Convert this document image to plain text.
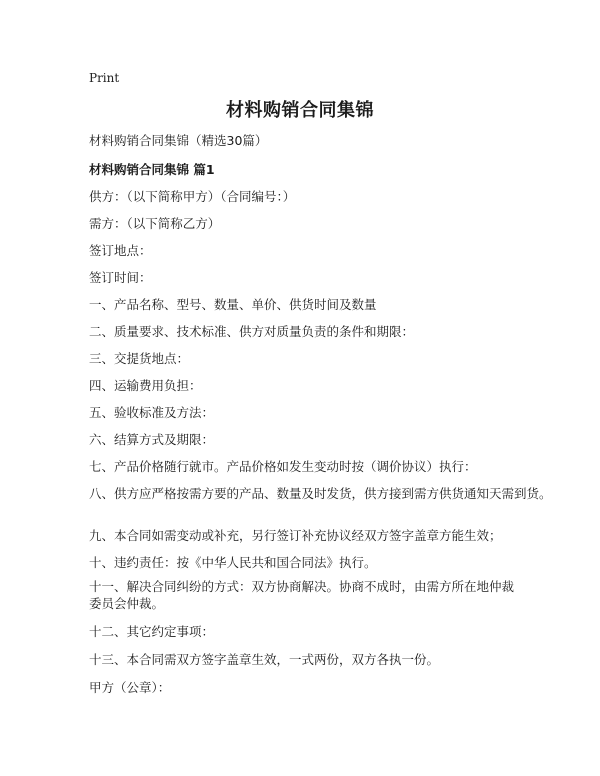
Print
材料购销合同集锦
材料购销合同集锦（精选30篇）
材料购销合同集锦 篇1
供方：（以下简称甲方）（合同编号：）
需方：（以下简称乙方）
签订地点：
签订时间：
一、产品名称、型号、数量、单价、供货时间及数量
二、质量要求、技术标准、供方对质量负责的条件和期限：
三、交提货地点：
四、运输费用负担：
五、验收标准及方法：
六、结算方式及期限：
七、产品价格随行就市。产品价格如发生变动时按（调价协议）执行：
八、供方应严格按需方要的产品、数量及时发货，供方接到需方供货通知天需到货。
九、本合同如需变动或补充，另行签订补充协议经双方签字盖章方能生效；
十、违约责任：按《中华人民共和国合同法》执行。
十一、解决合同纠纷的方式：双方协商解决。协商不成时，由需方所在地仲裁委员会仲裁。
十二、其它约定事项：
十三、本合同需双方签字盖章生效，一式两份，双方各执一份。
甲方（公章）：
